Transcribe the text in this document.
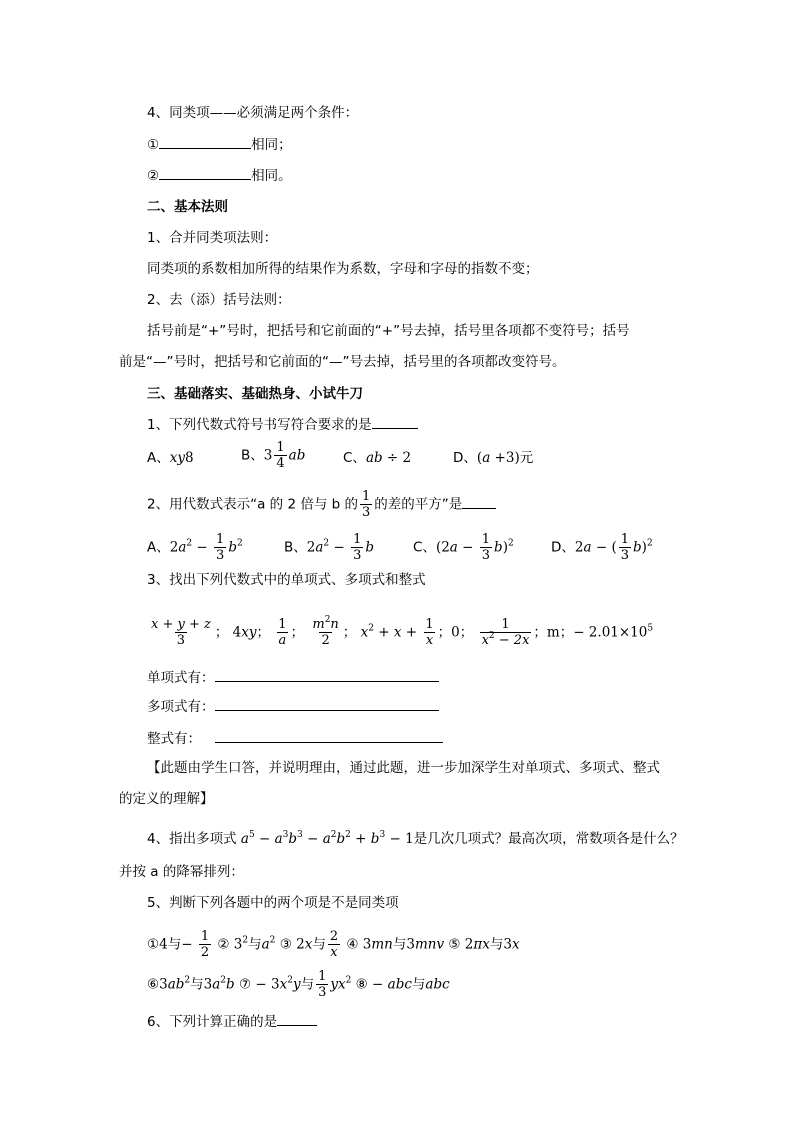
4、同类项——必须满足两个条件：
①	相同；
②	相同。
二、基本法则
1、合并同类项法则：
同类项的系数相加所得的结果作为系数，字母和字母的指数不变；
2、去（添）括号法则：
括号前是“+”号时，把括号和它前面的“+”号去掉，括号里各项都不变符号；括号
前是“—”号时，把括号和它前面的“—”号去掉，括号里的各项都改变符号。
三、基础落实、基础热身、小试牛刀
1、下列代数式符号书写符合要求的是
A、xy8	B、$3 \frac{1}{4}$ ab	C、ab ÷ 2	D、(a +3)元
2、用代数式表示“a 的 2 倍与 b 的 $\frac{1}{3}$ 的差的平方”是
A、$2a^2 - \frac{1}{3} b^2$	B、$2a^2 - \frac{1}{3}$ b	C、$(2a - \frac{1}{3} b)^2$	D、2a − ( $\frac{1}{3} b)^2$
3、找出下列代数式中的单项式、多项式和整式
$\frac{x + y + z}{3}$ ； 4xy； $\frac{1}{a}$ ； $\frac{m^2n}{2}$ ； $x^2 + x + \frac{1}{x}$ ；0； $\frac{1}{x^2 - 2x}$ ；m；− $2.01\times 10^5$
单项式有：
多项式有：
整式有：
【此题由学生口答，并说明理由，通过此题，进一步加深学生对单项式、多项式、整式
的定义的理解】
4、指出多项式 $a^5 - a^3b^3 - a^2b^2 + b^3 - 1$是几次几项式？最高次项，常数项各是什么？
并按 a 的降幂排列：
5、判断下列各题中的两个项是不是同类项
①4与− $\frac{1}{2}$ ② $3^2$与$a^2$ ③ 2x与 $\frac{2}{x}$ ④ 3mn与3mnv ⑤ 2πx与3x
$⑥3ab^2$与$3a^2b$ ⑦ − $3x^2y$与 $\frac{1}{3} yx^2$ ⑧ − abc与abc
6、下列计算正确的是
